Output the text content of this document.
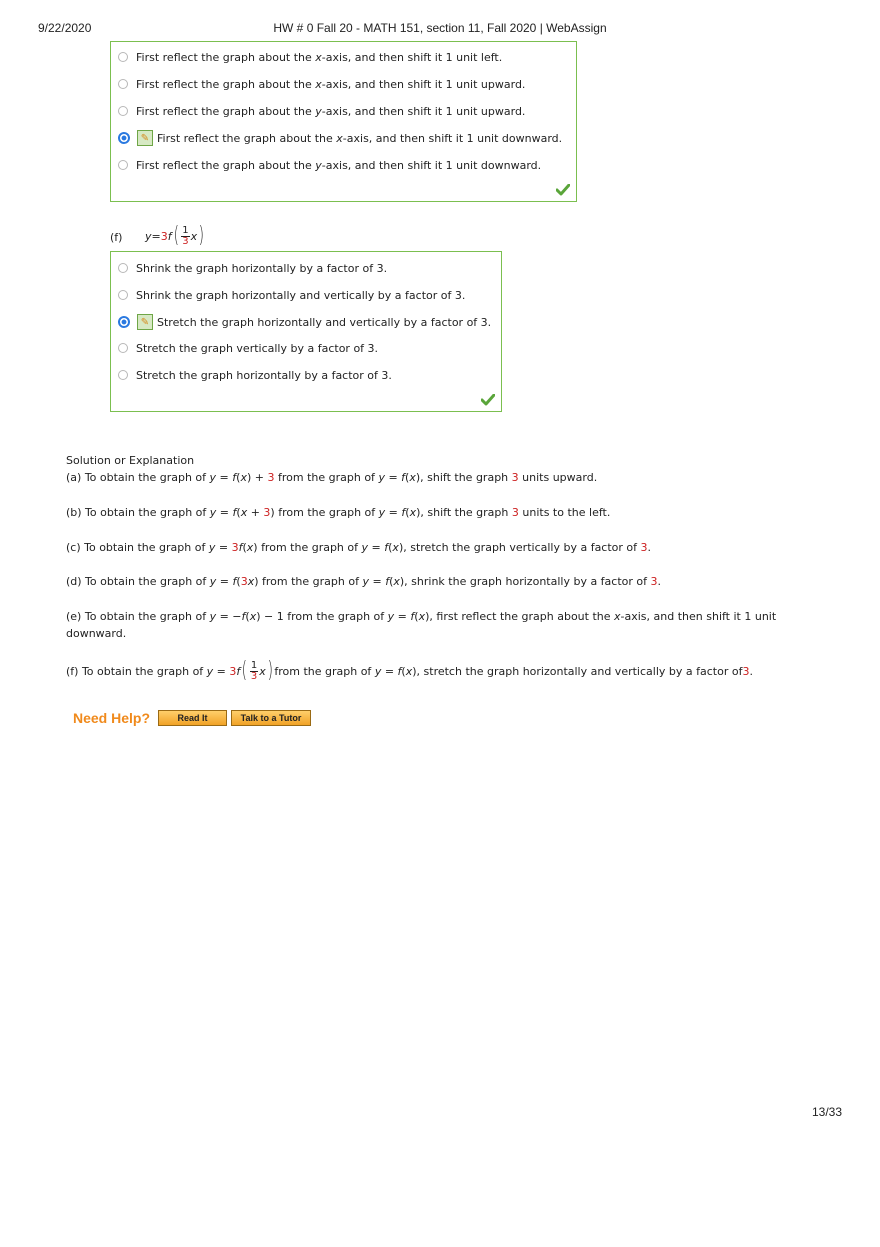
9/22/2020	HW # 0 Fall 20 - MATH 151, section 11, Fall 2020 | WebAssign
First reflect the graph about the x-axis, and then shift it 1 unit left.
First reflect the graph about the x-axis, and then shift it 1 unit upward.
First reflect the graph about the y-axis, and then shift it 1 unit upward.
✎ First reflect the graph about the x-axis, and then shift it 1 unit downward.
First reflect the graph about the y-axis, and then shift it 1 unit downward.
(f) y = 3 f ( $\frac{1}{3}$ x )
Shrink the graph horizontally by a factor of 3.
Shrink the graph horizontally and vertically by a factor of 3.
✎ Stretch the graph horizontally and vertically by a factor of 3.
Stretch the graph vertically by a factor of 3.
Stretch the graph horizontally by a factor of 3.
Solution or Explanation
(a) To obtain the graph of y = f(x) + 3 from the graph of y = f(x), shift the graph 3 units upward.
(b) To obtain the graph of y = f(x + 3) from the graph of y = f(x), shift the graph 3 units to the left.
(c) To obtain the graph of y = 3f(x) from the graph of y = f(x), stretch the graph vertically by a factor of 3.
(d) To obtain the graph of y = f(3x) from the graph of y = f(x), shrink the graph horizontally by a factor of 3.
(e) To obtain the graph of y = −f(x) − 1 from the graph of y = f(x), first reflect the graph about the x-axis, and then shift it 1 unit downward.
(f) To obtain the graph of
y = 3 f ( $\frac{1}{3}$ x ) from the graph of
y = f ( x ) , stretch the graph horizontally and vertically by a factor of 3 .
Need Help?	Read It	Talk to a Tutor
13/33
